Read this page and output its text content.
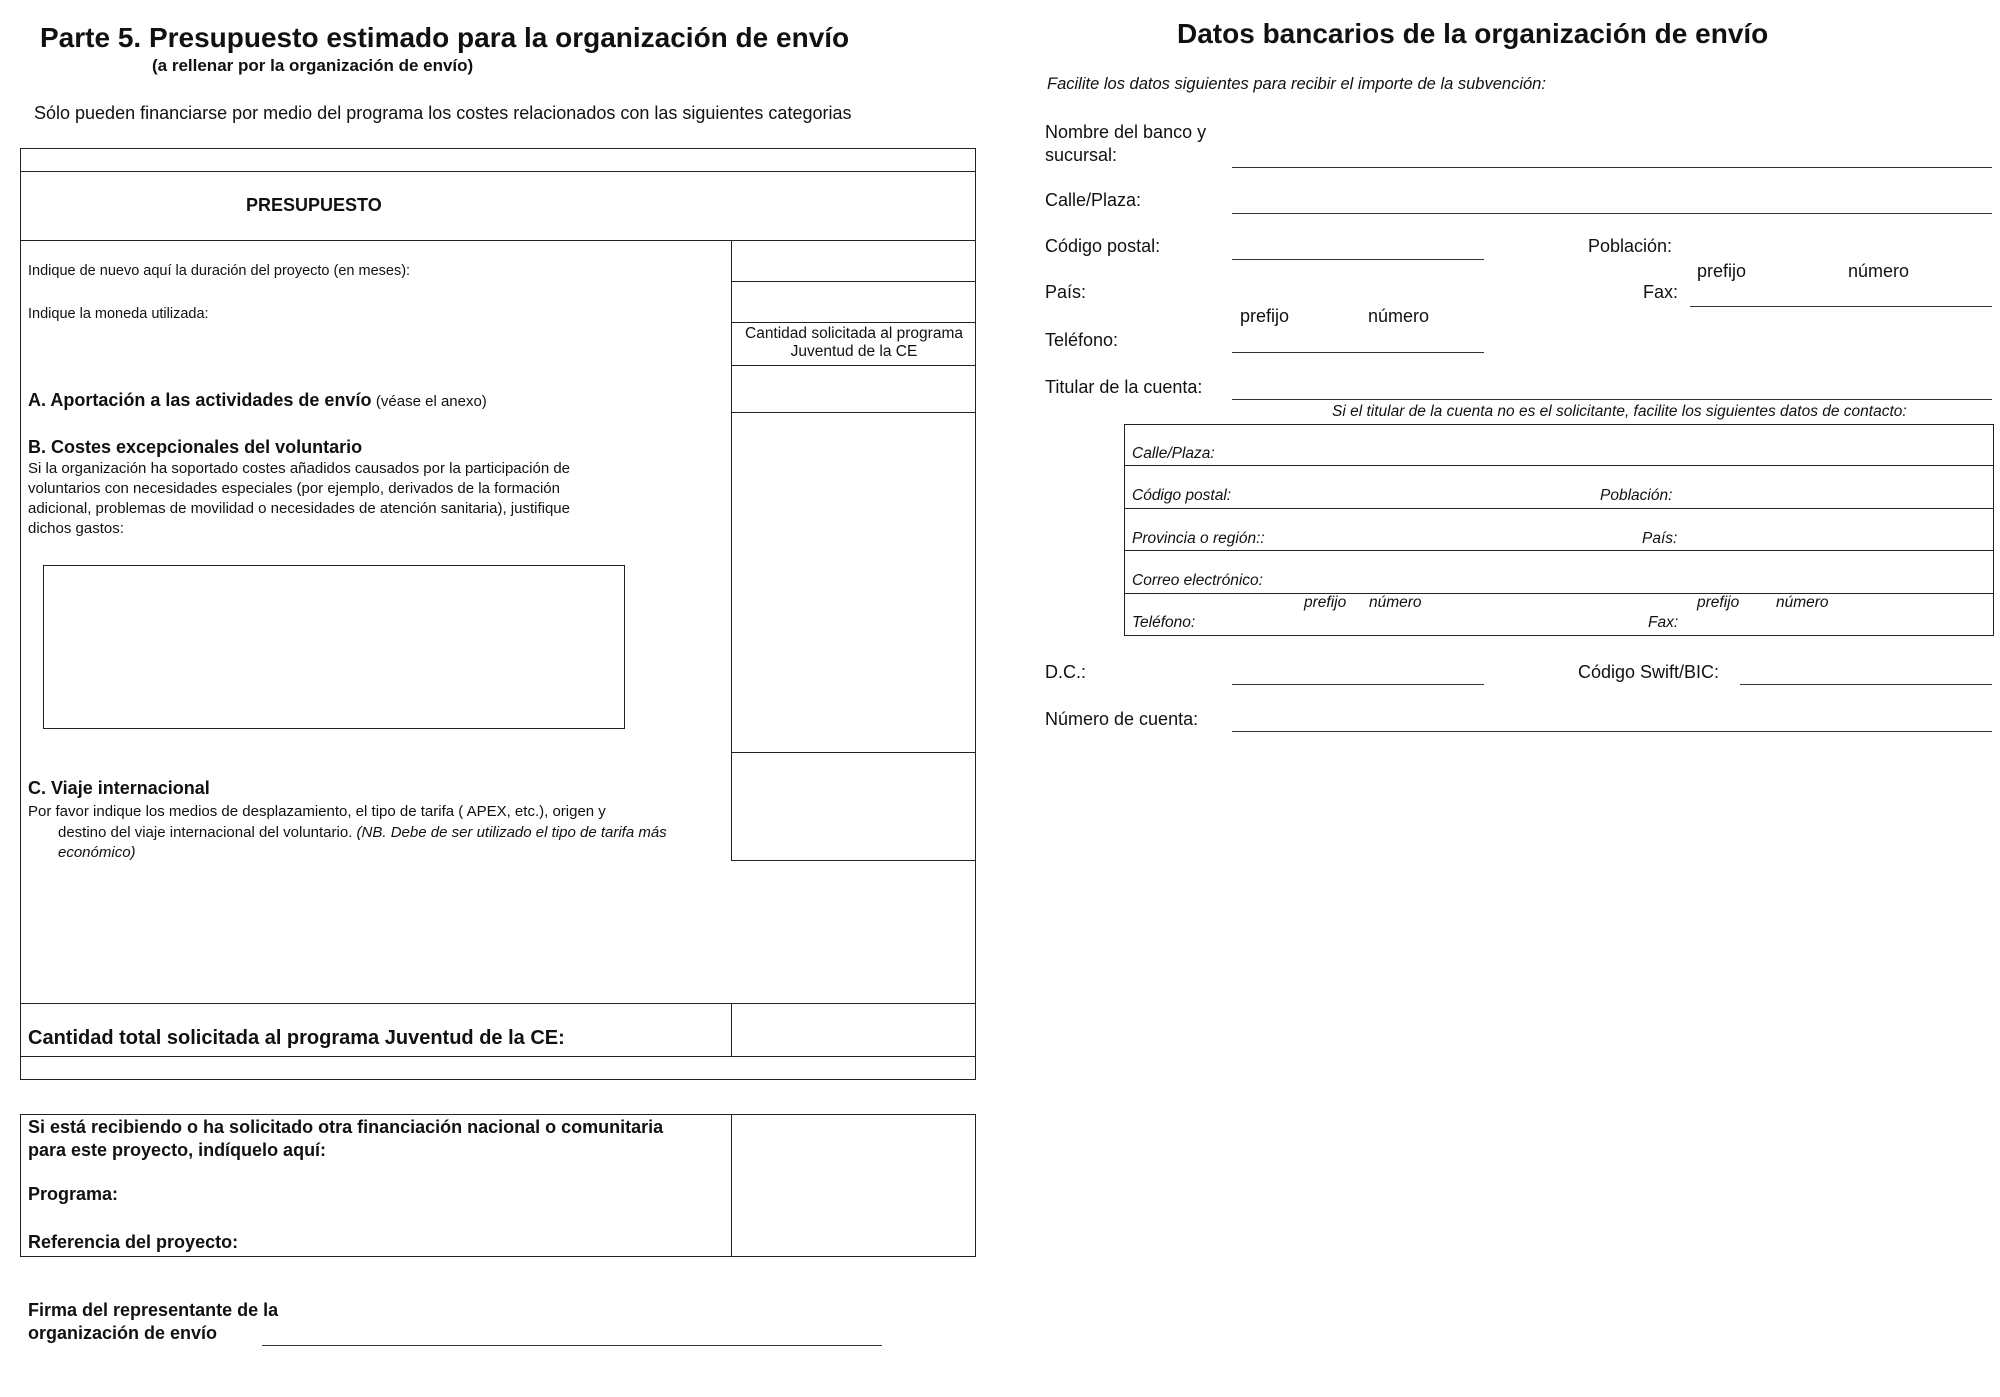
Parte 5. Presupuesto estimado para la organización de envío
(a rellenar por la organización de envío)
Sólo pueden financiarse por medio del programa los costes relacionados con las siguientes categorias
PRESUPUESTO
Cantidad solicitada al programa Juventud de la CE
Indique de nuevo aquí la duración del proyecto (en meses):
Indique la moneda utilizada:
A. Aportación a las actividades de envío (véase el anexo)
B. Costes excepcionales del voluntario
Si la organización ha soportado costes añadidos causados por la participación de voluntarios con necesidades especiales (por ejemplo, derivados de la formación adicional, problemas de movilidad o necesidades de atención sanitaria), justifique dichos gastos:
C. Viaje internacional
Por favor indique los medios de desplazamiento, el tipo de tarifa ( APEX, etc.), origen y
destino del viaje internacional del voluntario. (NB. Debe de ser utilizado el tipo de tarifa más económico)
Cantidad total solicitada al programa Juventud de la CE:
Si está recibiendo o ha solicitado otra financiación nacional o comunitaria para este proyecto, indíquelo aquí:
Programa:
Referencia del proyecto:
Firma del representante de la
organización de envío
Datos bancarios de la organización de envío
Facilite los datos siguientes para recibir el importe de la subvención:
Nombre del banco y
sucursal:
Calle/Plaza:
Código postal:	Población:
prefijo	número
País:	Fax:
prefijo	número
Teléfono:
Titular de la cuenta:
Si el titular de la cuenta no es el solicitante, facilite los siguientes datos de contacto:
Calle/Plaza:
Código postal:	Población:
Provincia o región::	País:
Correo electrónico:
prefijo número	prefijo número
Teléfono:	Fax:
D.C.:	Código Swift/BIC:
Número de cuenta:
